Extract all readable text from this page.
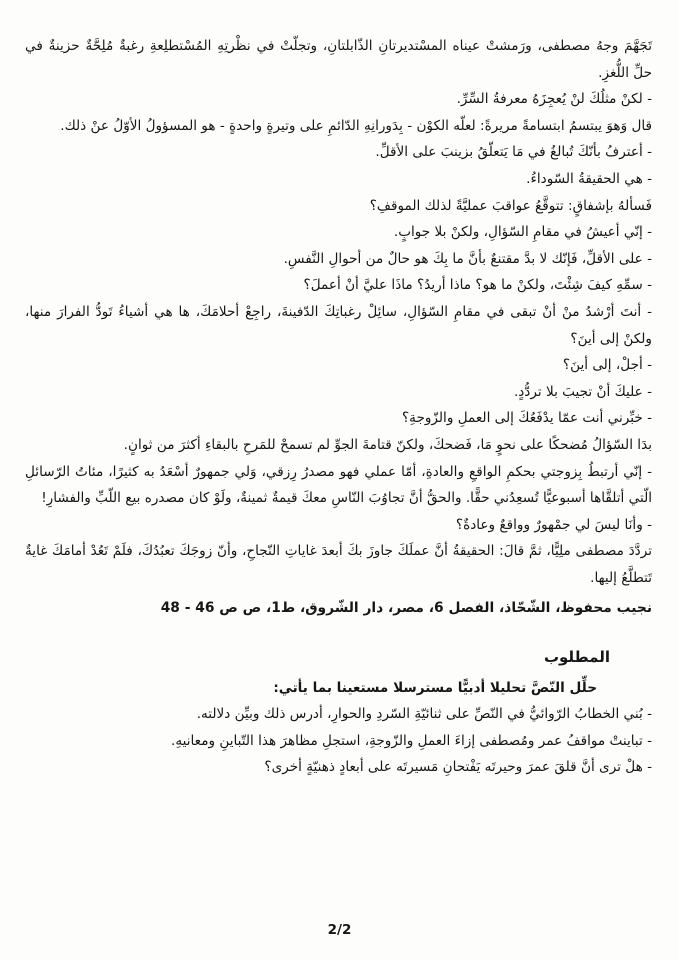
تَجَهَّمَ وجهُ مصطفى، ورَمشتْ عيناه المسْتديرتانِ الذّابلتانِ، وتجلّتْ في نظْرتِهِ المُسْتطلِعةِ رغبةٌ مُلِحَّةٌ حزينةٌ في حلِّ اللُّغزِ.

- لكنْ مثلُكَ لنْ يُعجِزَهُ معرفةُ السِّرِّ.

قال وَهوَ يبتسمُ ابتسامةً مريرةً: لعلّه الكوْن - بِدَورانِهِ الدّائمِ على وتيرةٍ واحدةٍ - هو المسؤولُ الأوّلُ عنْ ذلك.

- أعترفُ بأنّكَ تُبالغُ في مَا يَتعلّقُ بزينبَ على الأقلِّ.

- هي الحقيقةُ السّوداءُ.

فَسألهُ بإشفاقٍ: تتوقَّعُ عواقبَ عمليَّةً لذلك الموقفِ؟

- إنّي أعيشُ في مقامِ السّؤالِ، ولكنْ بلا جوابٍ.

- على الأقلِّ، فَإنّك لا بدَّ مقتنعٌ بأنَّ ما بِكَ هو حالٌ من أحوالِ النَّفسِ.

- سمِّهِ كيفَ شِئْتَ، ولكنْ ما هو؟ ماذا أريدُ؟ ماذَا عليَّ أنْ أعملَ؟

- أنتَ أرْشدُ منْ أنْ تبقى في مقامِ السّؤالِ، سائِلْ رغباتِكَ الدّفينةَ، راجِعْ أحلامَكَ، ها هي أشياءُ تَودُّ الفرارَ منها، ولكنْ إلى أينَ؟

- أجلْ، إلى أينَ؟

- عليكَ أنْ تجيبَ بلا تردُّدٍ.

- خبِّرني أنت عمّا يدْفَعُكَ إلى العملِ والزّوجةِ؟

بدَا السّؤالُ مُضحكًا على نحوٍ مَا، فَضحكَ، ولكنّ قتامةَ الجوِّ لم تسمحْ للمَرحِ بالبقاءِ أكثرَ من ثوانٍ.

- إنّي أرتبطُ بِزوجتي بحكمِ الواقعِ والعادةِ، أمّا عملي فهو مصدرُ رِزقي، وَلي جمهورٌ أسْعَدُ به كثيرًا، مئاتُ الرّسائلِ الّتي أتلقَّاها أسبوعيًّا تُسعِدُني حقًّا. والحقُّ أنَّ تجاوُبَ النّاسِ معكَ قيمةٌ ثمينةٌ، ولَوْ كان مصدره بيع اللّبِّ والفشارِ!

- وأنَا ليسَ لي جمْهورٌ وواقعٌ وعادةٌ؟

تردَّدَ مصطفى ملِيًّا، ثمَّ قالَ: الحقيقةُ أنَّ عملَكَ جاوزَ بكَ أبعدَ غاياتِ النّجاحِ، وأنّ زوجَكَ تعبُدُكَ، فلَمْ تَعُدْ أمامَكَ غايةٌ تَتطلَّعُ إليها.

نجيب محفوظ، الشّحّاذ، الفصل 6، مصر، دار الشّروق، ط1، ص ص 46 - 48

المطلوب

حلِّل النّصَّ تحليلا أدبيًّا مسترسلا مستعينا بما يأتي:

- بُني الخطابُ الرّوائيُّ في النّصِّ على ثنائيّةِ السّردِ والحوارِ، أدرس ذلك وبيِّن دلالته.

- تباينتْ مواقفُ عمر ومُصطفى إزاءَ العملِ والزّوجةِ، استجلِ مظاهرَ هذا التّباينِ ومعانيهِ.

- هلْ ترى أنَّ قلقَ عمرَ وحيرتَه يَفْتحانِ مَسيرتَه على أبعادٍ ذهنيّةٍ أخرى؟

2/2
